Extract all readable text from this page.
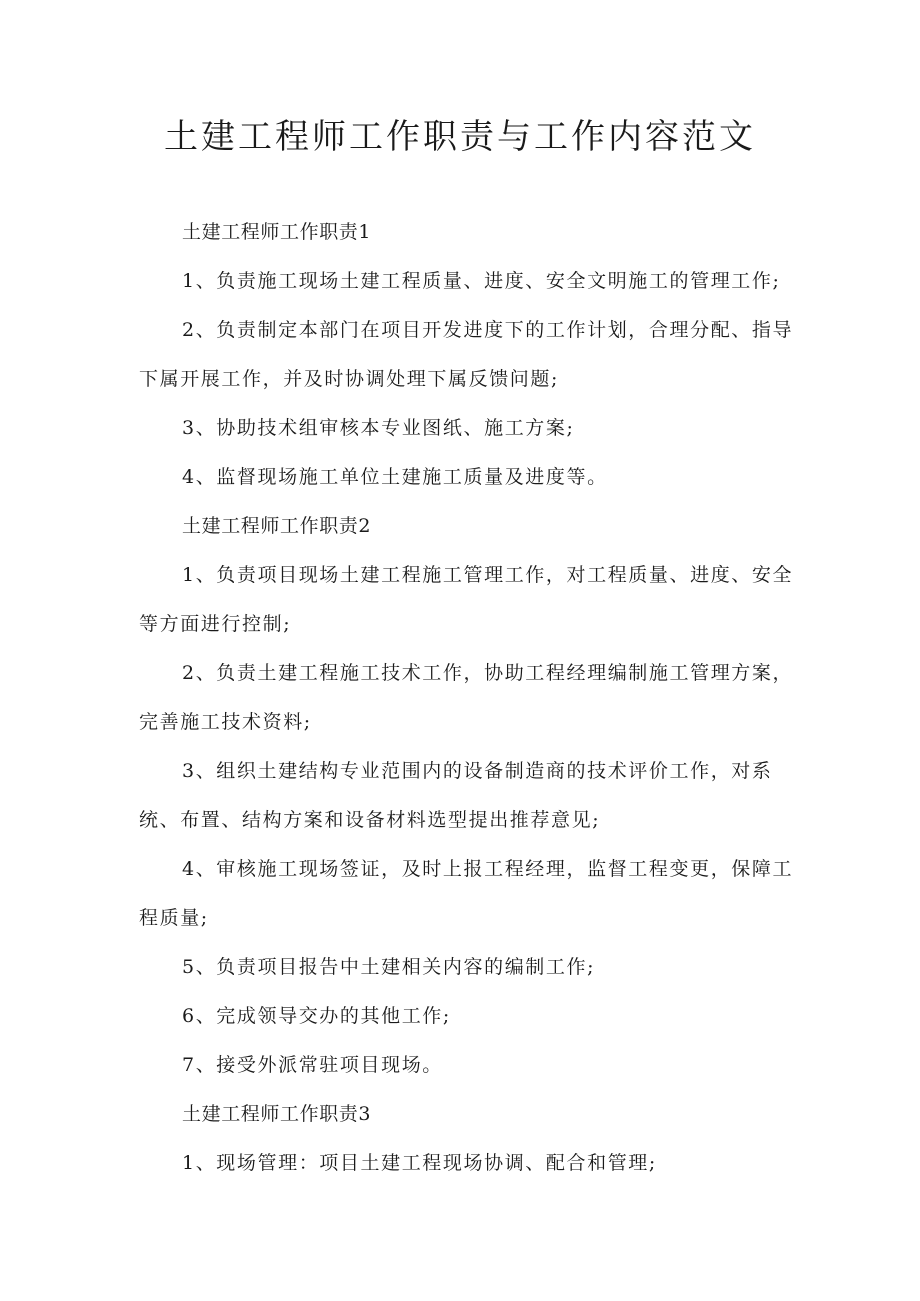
土建工程师工作职责与工作内容范文
土建工程师工作职责1
1、负责施工现场土建工程质量、进度、安全文明施工的管理工作;
2、负责制定本部门在项目开发进度下的工作计划，合理分配、指导
下属开展工作，并及时协调处理下属反馈问题;
3、协助技术组审核本专业图纸、施工方案;
4、监督现场施工单位土建施工质量及进度等。
土建工程师工作职责2
1、负责项目现场土建工程施工管理工作，对工程质量、进度、安全
等方面进行控制;
2、负责土建工程施工技术工作，协助工程经理编制施工管理方案，
完善施工技术资料;
3、组织土建结构专业范围内的设备制造商的技术评价工作，对系
统、布置、结构方案和设备材料选型提出推荐意见;
4、审核施工现场签证，及时上报工程经理，监督工程变更，保障工
程质量;
5、负责项目报告中土建相关内容的编制工作;
6、完成领导交办的其他工作;
7、接受外派常驻项目现场。
土建工程师工作职责3
1、现场管理：项目土建工程现场协调、配合和管理;
